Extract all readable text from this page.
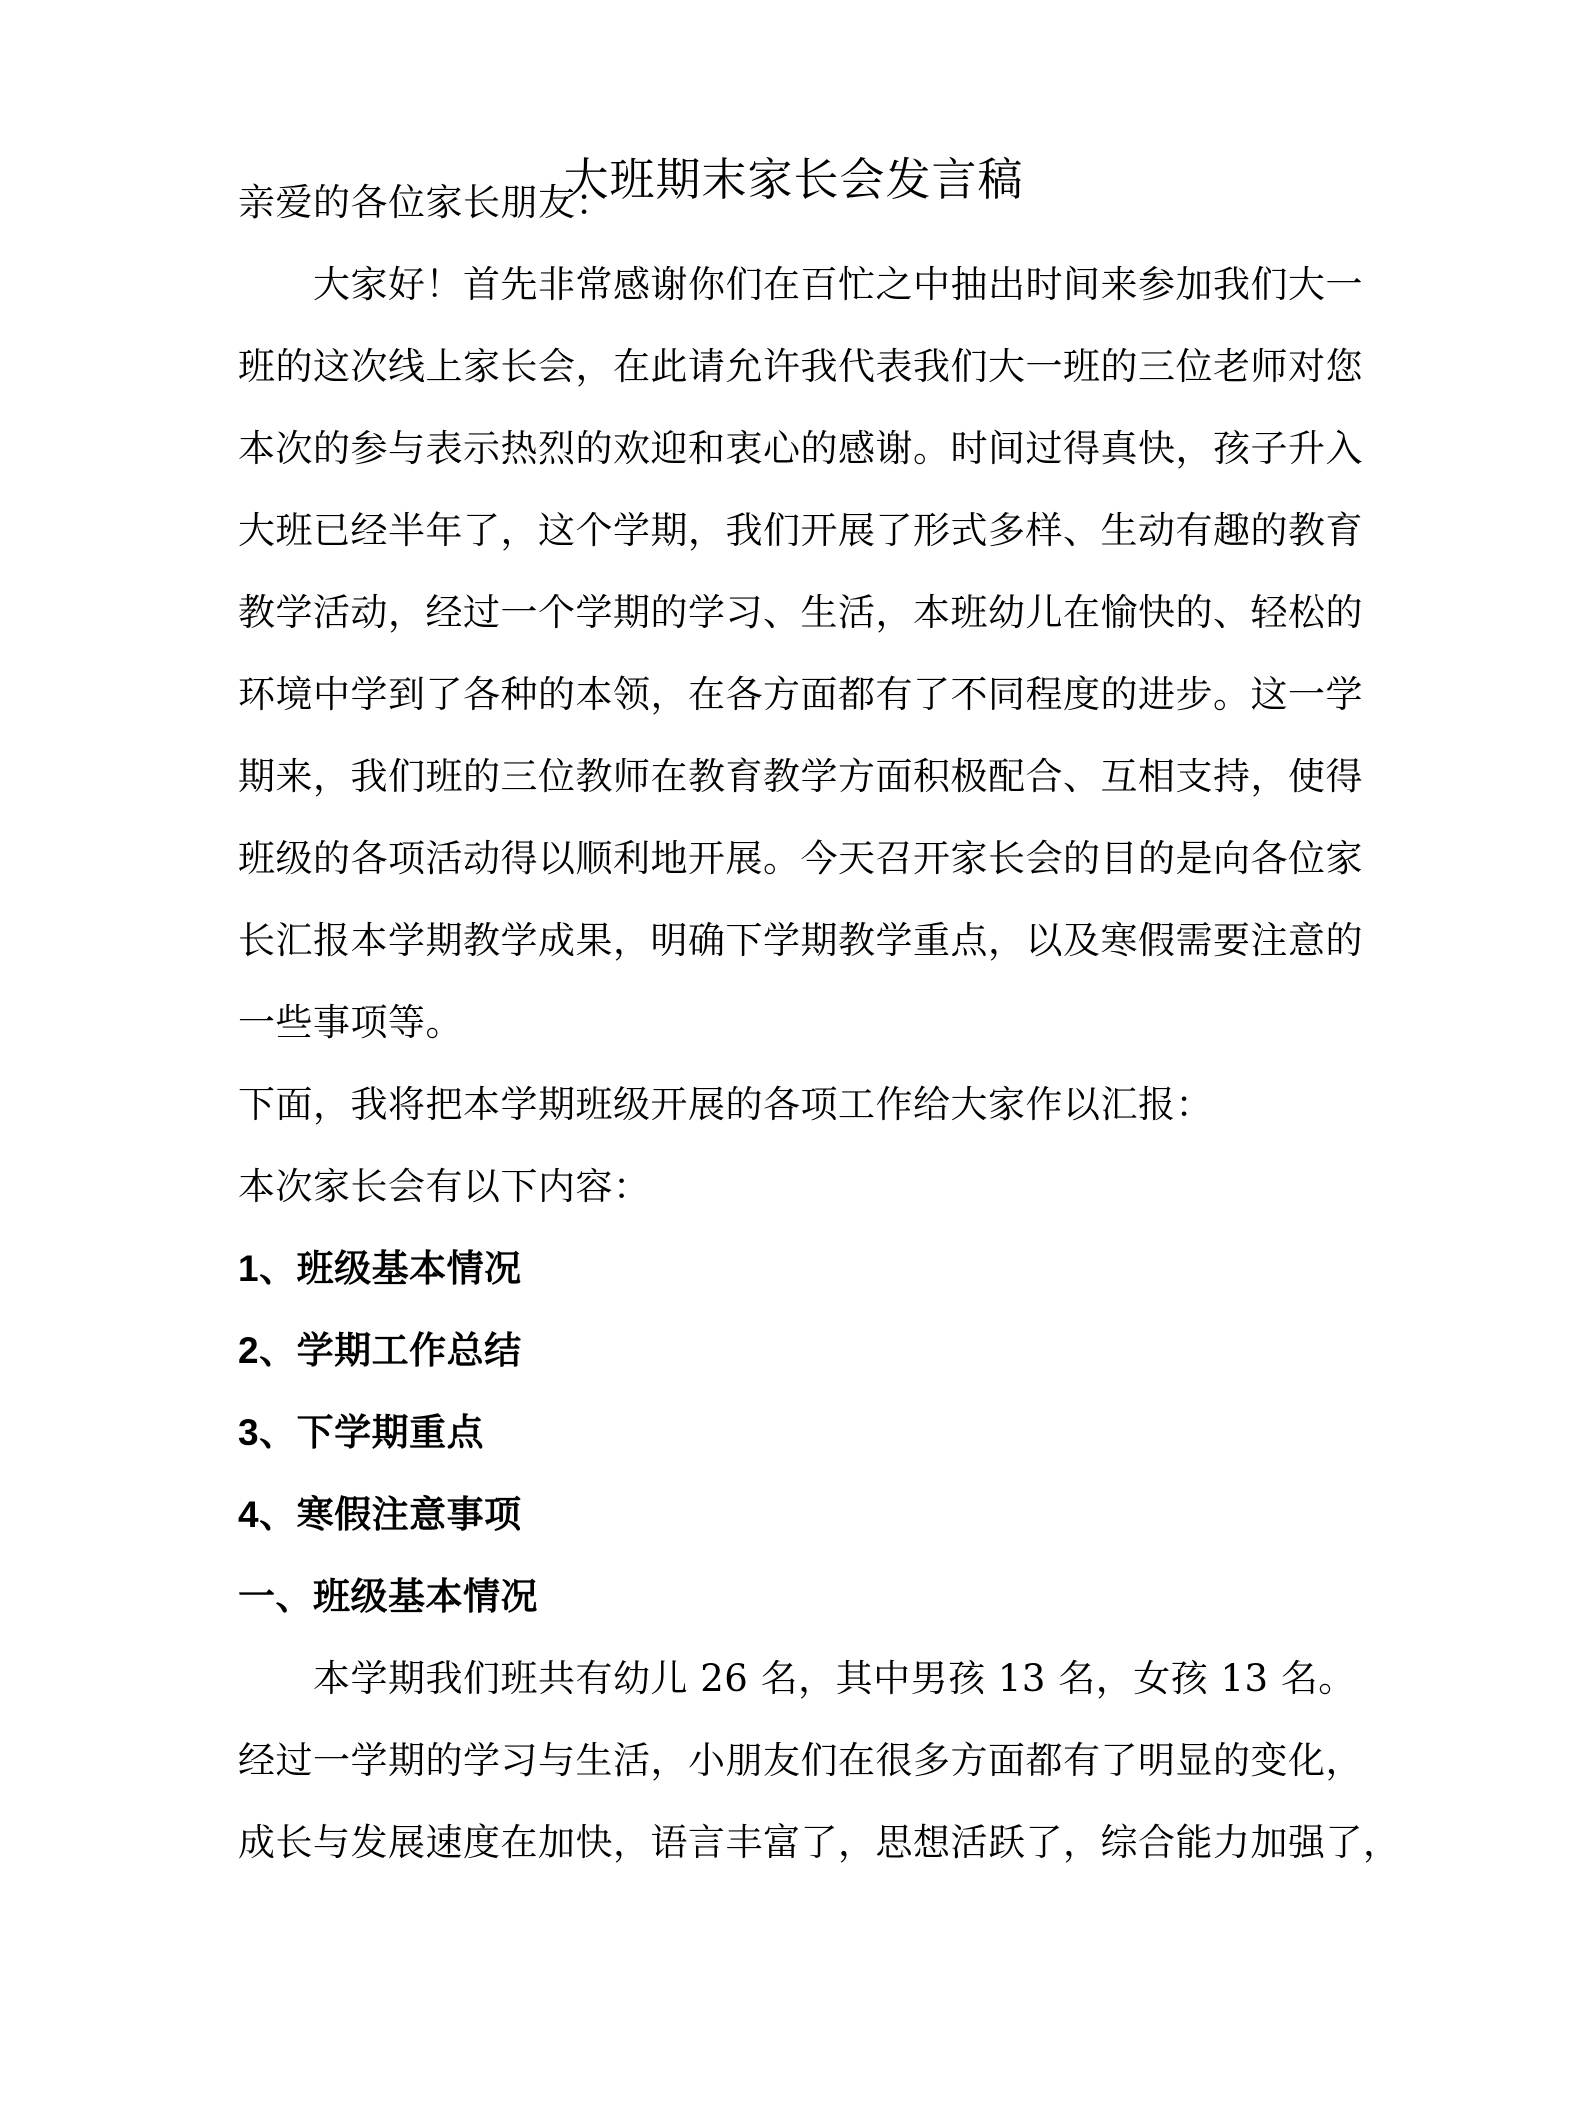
大班期末家长会发言稿

亲爱的各位家长朋友：

大家好！首先非常感谢你们在百忙之中抽出时间来参加我们大一

班的这次线上家长会，在此请允许我代表我们大一班的三位老师对您

本次的参与表示热烈的欢迎和衷心的感谢。时间过得真快，孩子升入

大班已经半年了，这个学期，我们开展了形式多样、生动有趣的教育

教学活动，经过一个学期的学习、生活，本班幼儿在愉快的、轻松的

环境中学到了各种的本领，在各方面都有了不同程度的进步。这一学

期来，我们班的三位教师在教育教学方面积极配合、互相支持，使得

班级的各项活动得以顺利地开展。今天召开家长会的目的是向各位家

长汇报本学期教学成果，明确下学期教学重点，以及寒假需要注意的

一些事项等。

下面，我将把本学期班级开展的各项工作给大家作以汇报：

本次家长会有以下内容：

1、班级基本情况

2、学期工作总结

3、下学期重点

4、寒假注意事项

一、班级基本情况

本学期我们班共有幼儿 26 名，其中男孩 13 名，女孩 13 名。

经过一学期的学习与生活，小朋友们在很多方面都有了明显的变化，

成长与发展速度在加快，语言丰富了，思想活跃了，综合能力加强了，
